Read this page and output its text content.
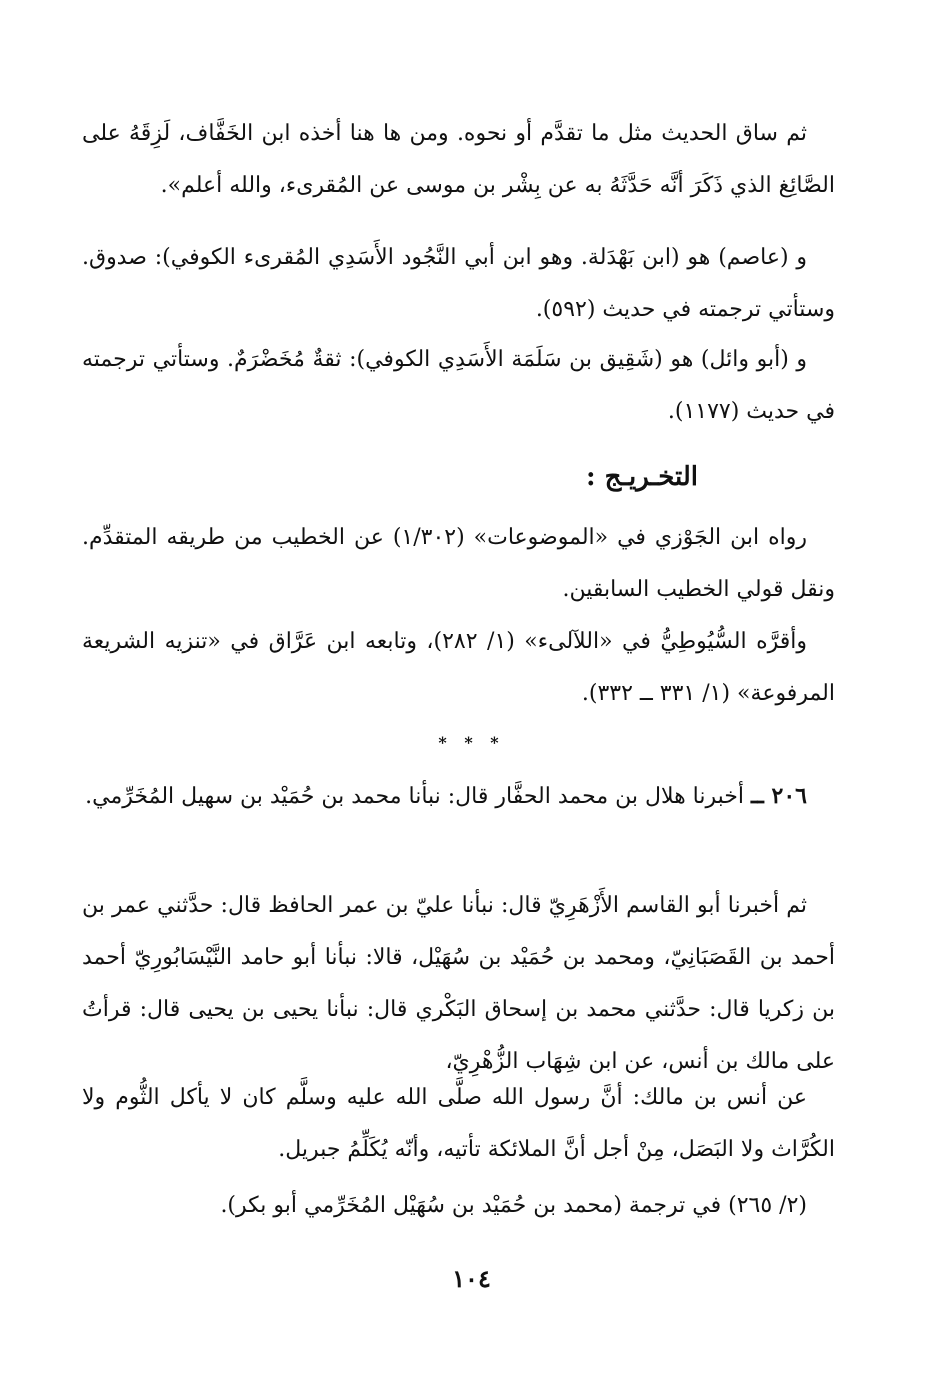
ثم ساق الحديث مثل ما تقدَّم أو نحوه. ومن ها هنا أخذه ابن الخَفَّاف، لَزِقَهُ على الصَّائِغ الذي ذَكَرَ أنَّه حَدَّثَهُ به عن بِشْر بن موسى عن المُقرىء، والله أعلم».

و (عاصم) هو (ابن بَهْدَلة. وهو ابن أبي النَّجُود الأَسَدِي المُقرىء الكوفي): صدوق. وستأتي ترجمته في حديث (٥٩٢).

و (أبو وائل) هو (شَقِيق بن سَلَمَة الأَسَدِي الكوفي): ثقةٌ مُخَضْرَمٌ. وستأتي ترجمته في حديث (١١٧٧).

التخـريـج :

رواه ابن الجَوْزي في «الموضوعات» (١/٣٠٢) عن الخطيب من طريقه المتقدِّم. ونقل قولي الخطيب السابقين.

وأقرَّه السُّيُوطِيُّ في «اللآلىء» (١/ ٢٨٢)، وتابعه ابن عَرَّاق في «تنزيه الشريعة المرفوعة» (١/ ٣٣١ ــ ٣٣٢).

* * *

٢٠٦ ــ أخبرنا هلال بن محمد الحفَّار قال: نبأنا محمد بن حُمَيْد بن سهيل المُخَرِّمي.

ثم أخبرنا أبو القاسم الأَزْهَرِيّ قال: نبأنا عليّ بن عمر الحافظ قال: حدَّثني عمر بن أحمد بن القَصَبَانِيّ، ومحمد بن حُمَيْد بن سُهَيْل، قالا: نبأنا أبو حامد النَّيْسَابُورِيّ أحمد بن زكريا قال: حدَّثني محمد بن إسحاق البَكْري قال: نبأنا يحيى بن يحيى قال: قرأتُ على مالك بن أنس، عن ابن شِهَاب الزُّهْرِيّ،

عن أنس بن مالك: أنَّ رسول الله صلَّى الله عليه وسلَّم كان لا يأكل الثُّوم ولا الكُرَّاث ولا البَصَل، مِنْ أجل أنَّ الملائكة تأتيه، وأنّه يُكَلِّمُ جبريل.

(٢/ ٢٦٥) في ترجمة (محمد بن حُمَيْد بن سُهَيْل المُخَرِّمي أبو بكر).

١٠٤
